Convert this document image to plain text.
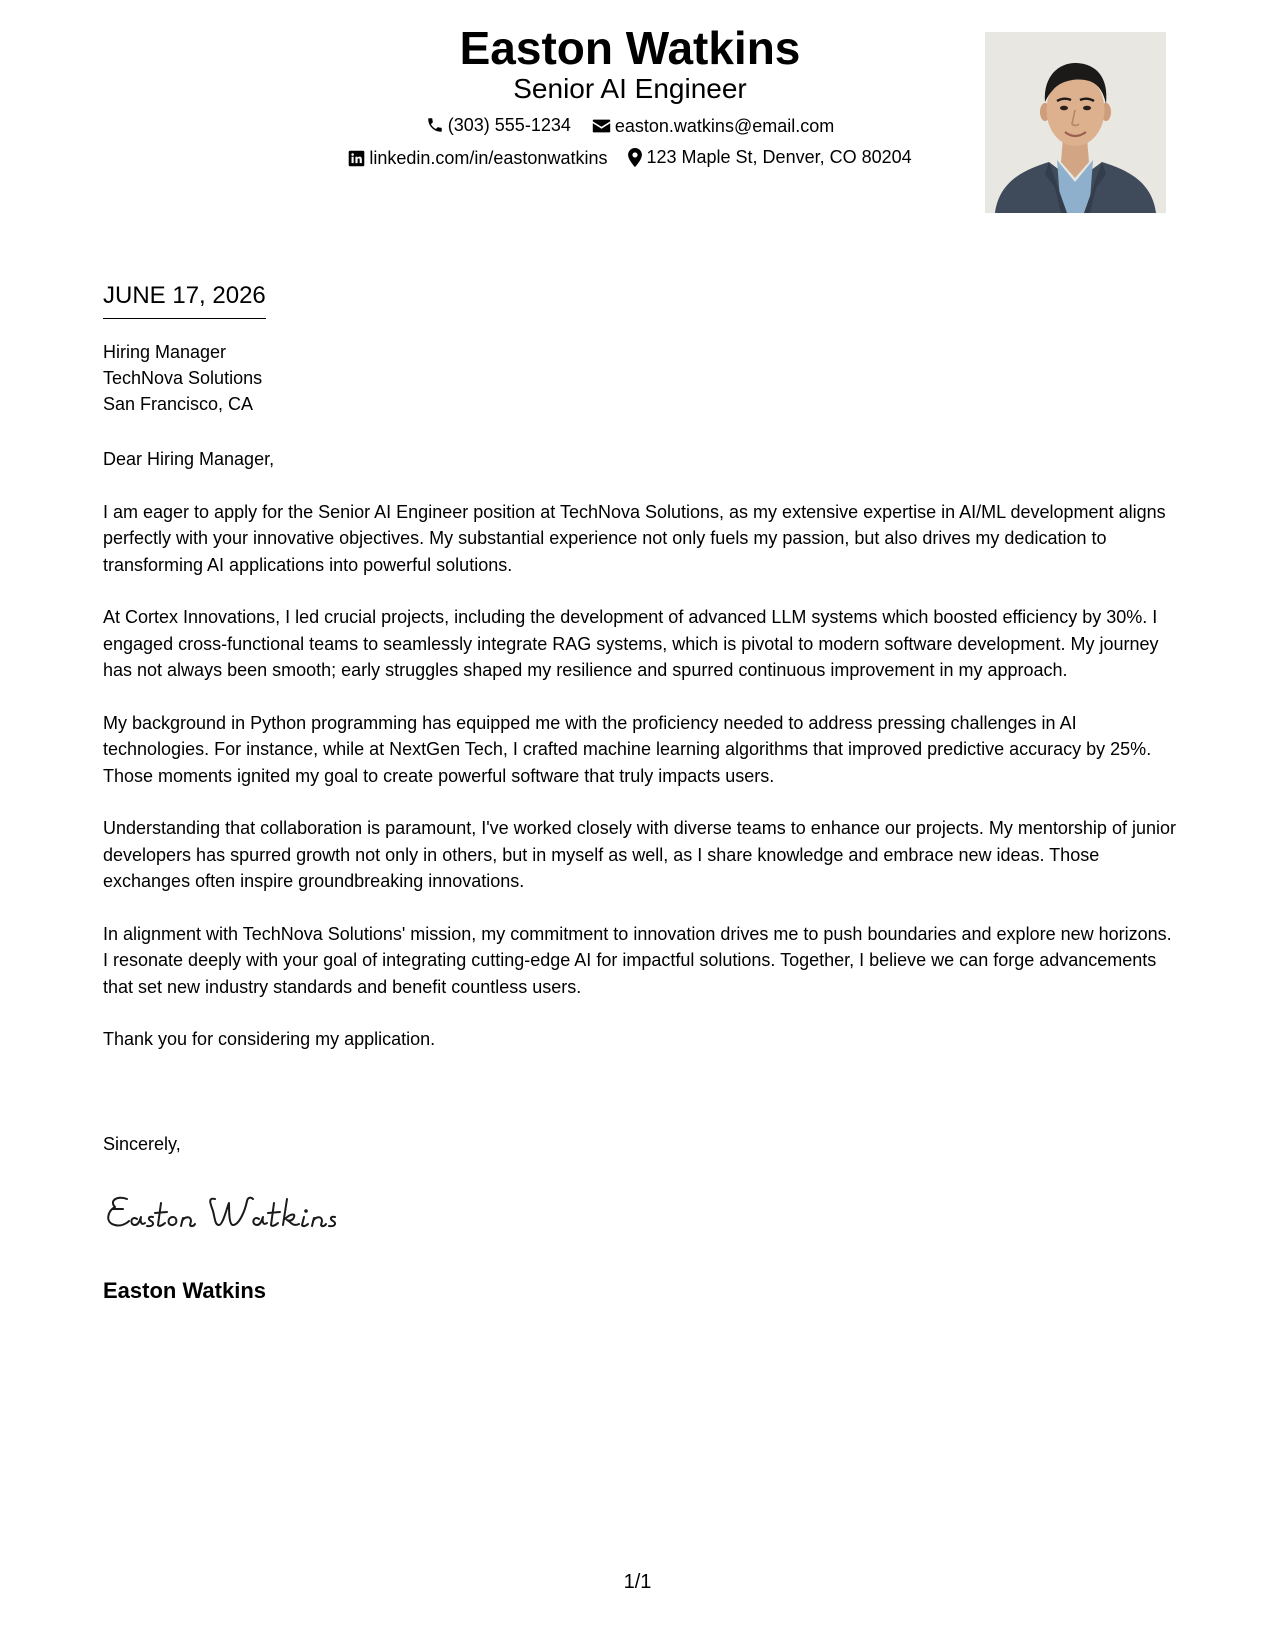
Easton Watkins
Senior AI Engineer
(303) 555-1234
easton.watkins@email.com
linkedin.com/in/eastonwatkins
123 Maple St, Denver, CO 80204
JUNE 17, 2026
Hiring Manager
TechNova Solutions
San Francisco, CA

Dear Hiring Manager,

I am eager to apply for the Senior AI Engineer position at TechNova Solutions, as my extensive expertise in AI/ML development aligns perfectly with your innovative objectives. My substantial experience not only fuels my passion, but also drives my dedication to transforming AI applications into powerful solutions.

At Cortex Innovations, I led crucial projects, including the development of advanced LLM systems which boosted efficiency by 30%. I engaged cross-functional teams to seamlessly integrate RAG systems, which is pivotal to modern software development. My journey has not always been smooth; early struggles shaped my resilience and spurred continuous improvement in my approach.

My background in Python programming has equipped me with the proficiency needed to address pressing challenges in AI technologies. For instance, while at NextGen Tech, I crafted machine learning algorithms that improved predictive accuracy by 25%. Those moments ignited my goal to create powerful software that truly impacts users.

Understanding that collaboration is paramount, I've worked closely with diverse teams to enhance our projects. My mentorship of junior developers has spurred growth not only in others, but in myself as well, as I share knowledge and embrace new ideas. Those exchanges often inspire groundbreaking innovations.

In alignment with TechNova Solutions' mission, my commitment to innovation drives me to push boundaries and explore new horizons. I resonate deeply with your goal of integrating cutting-edge AI for impactful solutions. Together, I believe we can forge advancements that set new industry standards and benefit countless users.

Thank you for considering my application.

Sincerely,
Easton Watkins
1/1
